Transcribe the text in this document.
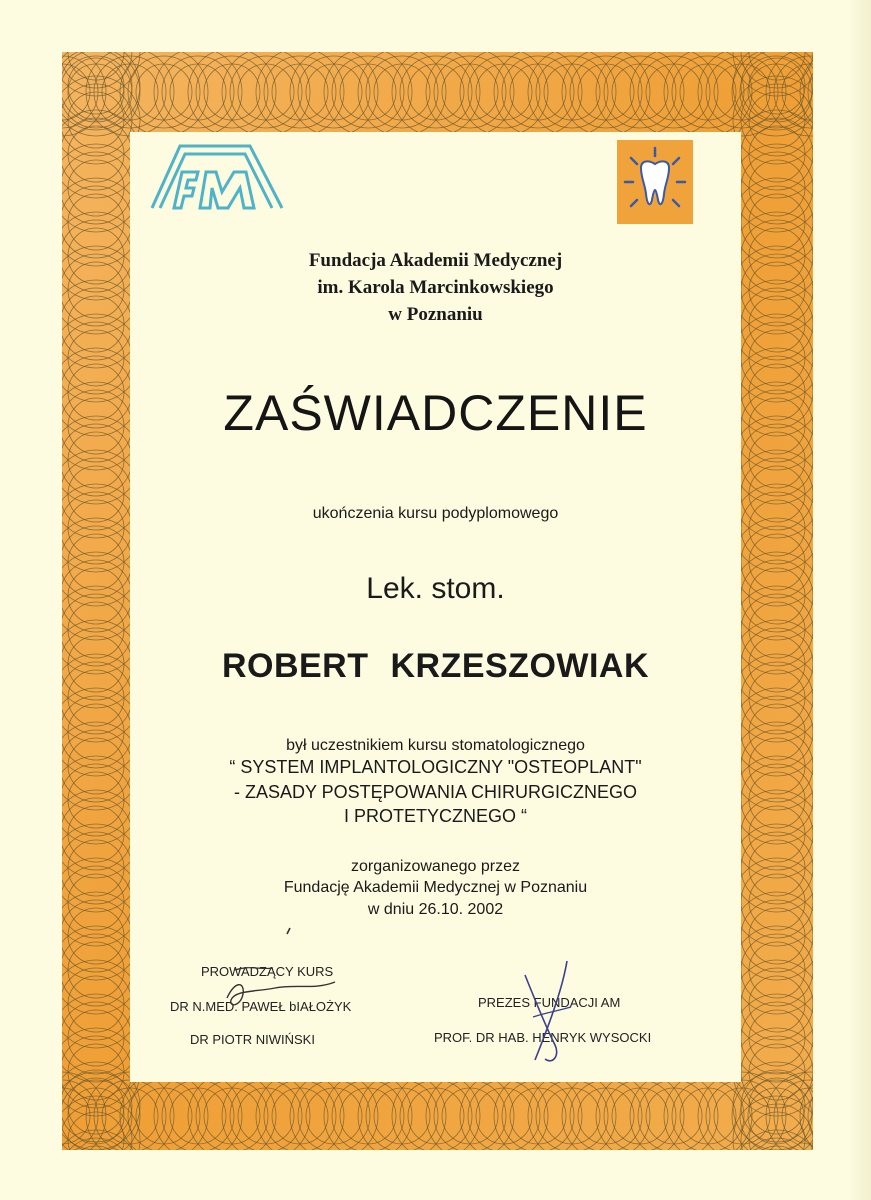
Fundacja Akademii Medycznej
im. Karola Marcinkowskiego
w Poznaniu
ZAŚWIADCZENIE
ukończenia kursu podyplomowego
Lek. stom.
ROBERT KRZESZOWIAK
był uczestnikiem kursu stomatologicznego
“ SYSTEM IMPLANTOLOGICZNY "OSTEOPLANT"
- ZASADY POSTĘPOWANIA CHIRURGICZNEGO
I PROTETYCZNEGO “
zorganizowanego przez
Fundację Akademii Medycznej w Poznaniu
w dniu 26.10. 2002
PROWADZĄCY KURS
DR N.MED. PAWEŁ bIAŁOŻYK
DR PIOTR NIWIŃSKI
PREZES FUNDACJI AM
PROF. DR HAB. HENRYK WYSOCKI
